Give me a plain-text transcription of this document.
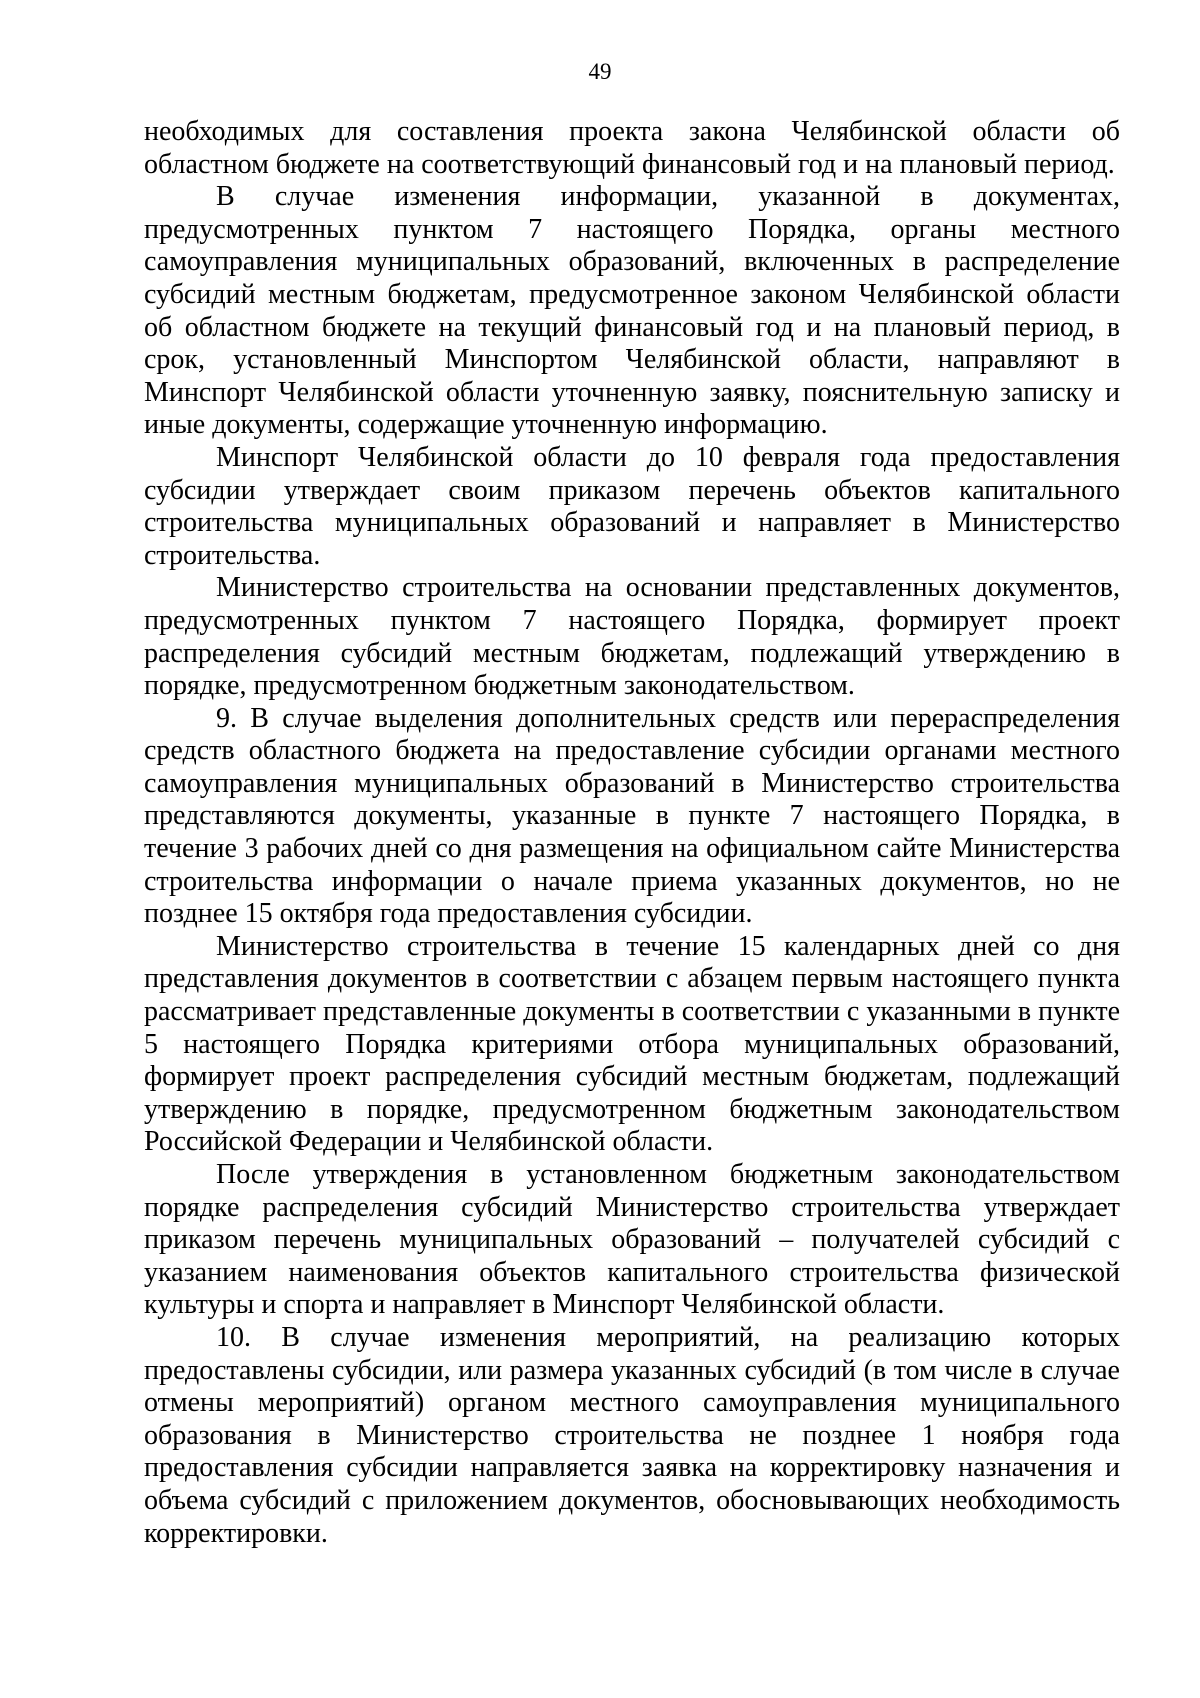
49

необходимых для составления проекта закона Челябинской области об областном бюджете на соответствующий финансовый год и на плановый период.

В случае изменения информации, указанной в документах, предусмотренных пунктом 7 настоящего Порядка, органы местного самоуправления муниципальных образований, включенных в распределение субсидий местным бюджетам, предусмотренное законом Челябинской области об областном бюджете на текущий финансовый год и на плановый период, в срок, установленный Минспортом Челябинской области, направляют в Минспорт Челябинской области уточненную заявку, пояснительную записку и иные документы, содержащие уточненную информацию.

Минспорт Челябинской области до 10 февраля года предоставления субсидии утверждает своим приказом перечень объектов капитального строительства муниципальных образований и направляет в Министерство строительства.

Министерство строительства на основании представленных документов, предусмотренных пунктом 7 настоящего Порядка, формирует проект распределения субсидий местным бюджетам, подлежащий утверждению в порядке, предусмотренном бюджетным законодательством.

9. В случае выделения дополнительных средств или перераспределения средств областного бюджета на предоставление субсидии органами местного самоуправления муниципальных образований в Министерство строительства представляются документы, указанные в пункте 7 настоящего Порядка, в течение 3 рабочих дней со дня размещения на официальном сайте Министерства строительства информации о начале приема указанных документов, но не позднее 15 октября года предоставления субсидии.

Министерство строительства в течение 15 календарных дней со дня представления документов в соответствии с абзацем первым настоящего пункта рассматривает представленные документы в соответствии с указанными в пункте 5 настоящего Порядка критериями отбора муниципальных образований, формирует проект распределения субсидий местным бюджетам, подлежащий утверждению в порядке, предусмотренном бюджетным законодательством Российской Федерации и Челябинской области.

После утверждения в установленном бюджетным законодательством порядке распределения субсидий Министерство строительства утверждает приказом перечень муниципальных образований – получателей субсидий с указанием наименования объектов капитального строительства физической культуры и спорта и направляет в Минспорт Челябинской области.

10. В случае изменения мероприятий, на реализацию которых предоставлены субсидии, или размера указанных субсидий (в том числе в случае отмены мероприятий) органом местного самоуправления муниципального образования в Министерство строительства не позднее 1 ноября года предоставления субсидии направляется заявка на корректировку назначения и объема субсидий с приложением документов, обосновывающих необходимость корректировки.
